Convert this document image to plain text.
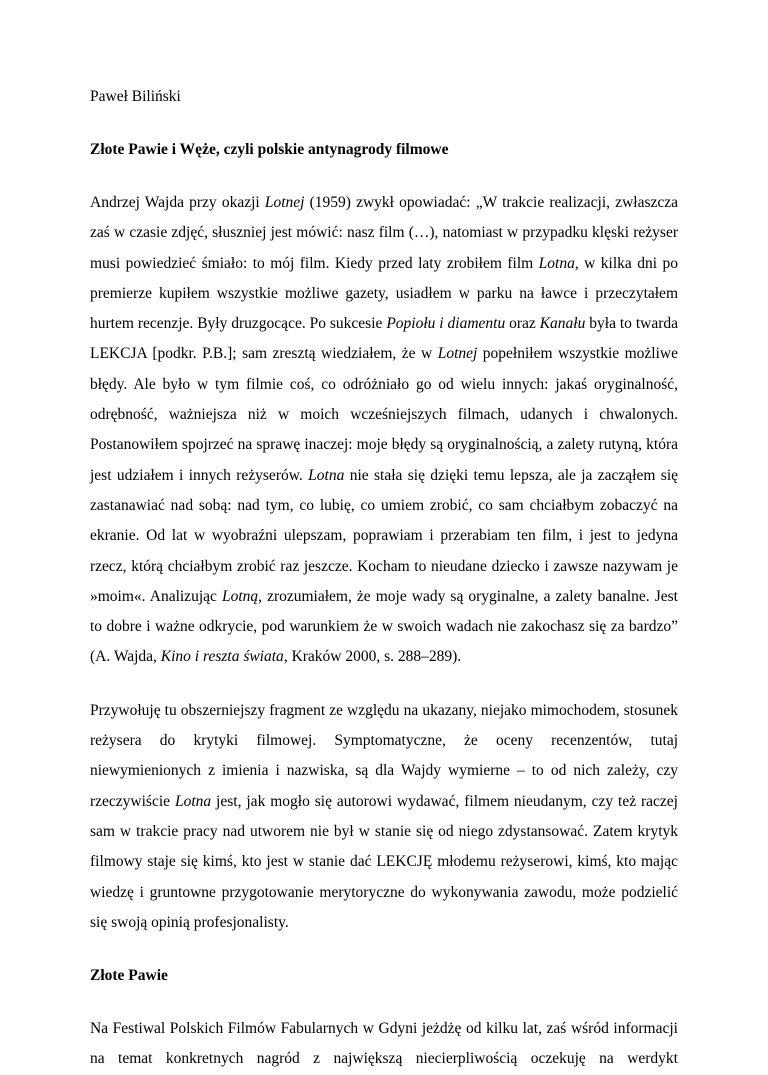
Paweł Biliński

Złote Pawie i Węże, czyli polskie antynagrody filmowe

Andrzej Wajda przy okazji Lotnej (1959) zwykł opowiadać: „W trakcie realizacji, zwłaszcza zaś w czasie zdjęć, słuszniej jest mówić: nasz film (…), natomiast w przypadku klęski reżyser musi powiedzieć śmiało: to mój film. Kiedy przed laty zrobiłem film Lotna, w kilka dni po premierze kupiłem wszystkie możliwe gazety, usiadłem w parku na ławce i przeczytałem hurtem recenzje. Były druzgocące. Po sukcesie Popiołu i diamentu oraz Kanału była to twarda LEKCJA [podkr. P.B.]; sam zresztą wiedziałem, że w Lotnej popełniłem wszystkie możliwe błędy. Ale było w tym filmie coś, co odróżniało go od wielu innych: jakaś oryginalność, odrębność, ważniejsza niż w moich wcześniejszych filmach, udanych i chwalonych. Postanowiłem spojrzeć na sprawę inaczej: moje błędy są oryginalnością, a zalety rutyną, która jest udziałem i innych reżyserów. Lotna nie stała się dzięki temu lepsza, ale ja zacząłem się zastanawiać nad sobą: nad tym, co lubię, co umiem zrobić, co sam chciałbym zobaczyć na ekranie. Od lat w wyobraźni ulepszam, poprawiam i przerabiam ten film, i jest to jedyna rzecz, którą chciałbym zrobić raz jeszcze. Kocham to nieudane dziecko i zawsze nazywam je »moim«. Analizując Lotną, zrozumiałem, że moje wady są oryginalne, a zalety banalne. Jest to dobre i ważne odkrycie, pod warunkiem że w swoich wadach nie zakochasz się za bardzo” (A. Wajda, Kino i reszta świata, Kraków 2000, s. 288–289).

Przywołuję tu obszerniejszy fragment ze względu na ukazany, niejako mimochodem, stosunek reżysera do krytyki filmowej. Symptomatyczne, że oceny recenzentów, tutaj niewymienionych z imienia i nazwiska, są dla Wajdy wymierne – to od nich zależy, czy rzeczywiście Lotna jest, jak mogło się autorowi wydawać, filmem nieudanym, czy też raczej sam w trakcie pracy nad utworem nie był w stanie się od niego zdystansować. Zatem krytyk filmowy staje się kimś, kto jest w stanie dać LEKCJĘ młodemu reżyserowi, kimś, kto mając wiedzę i gruntowne przygotowanie merytoryczne do wykonywania zawodu, może podzielić się swoją opinią profesjonalisty.

Złote Pawie

Na Festiwal Polskich Filmów Fabularnych w Gdyni jeżdżę od kilku lat, zaś wśród informacji na temat konkretnych nagród z największą niecierpliwością oczekuję na werdykt
